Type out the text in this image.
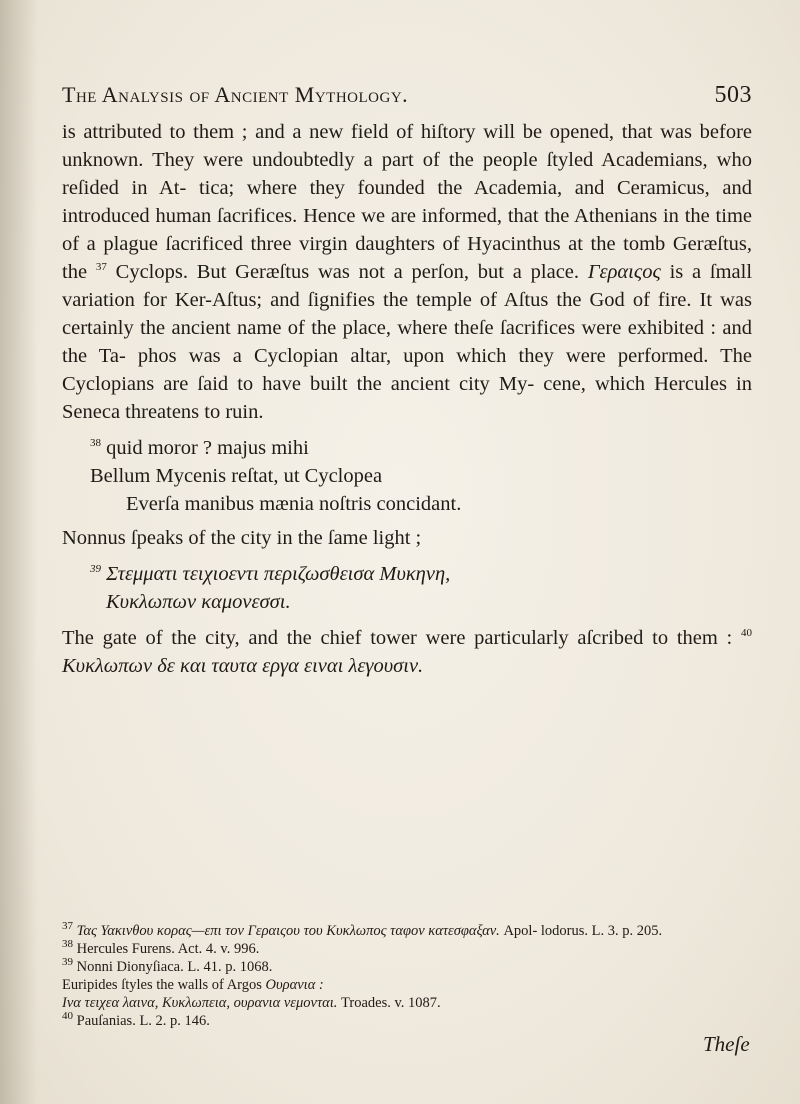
The Analysis of Ancient Mythology.	503

is attributed to them ; and a new field of hiſtory will be opened, that was before unknown. They were undoubtedly a part of the people ſtyled Academians, who reſided in At- tica; where they founded the Academia, and Ceramicus, and introduced human ſacrifices. Hence we are informed, that the Athenians in the time of a plague ſacrificed three virgin daughters of Hyacinthus at the tomb Geræſtus, the $^{37}$ Cyclops. But Geræſtus was not a perſon, but a place. Γεραιςος is a ſmall variation for Ker-Aſtus; and ſignifies the temple of Aſtus the God of fire. It was certainly the ancient name of the place, where theſe ſacrifices were exhibited : and the Ta- phos was a Cyclopian altar, upon which they were performed. The Cyclopians are ſaid to have built the ancient city My- cene, which Hercules in Seneca threatens to ruin.

$^{38}$ quid moror ? majus mihi
Bellum Mycenis reſtat, ut Cyclopea
Everſa manibus mænia noſtris concidant.

Nonnus ſpeaks of the city in the ſame light ;

$^{39}$ Στεμματι τειχιοεντι περιζωσθεισα Μυκηνη,
Κυκλωπων καμονεσσι.

The gate of the city, and the chief tower were particularly aſcribed to them : $^{40}$ Κυκλωπων δε και ταυτα εργα ειναι λεγουσιν.

$^{37}$ Τας Υακινθου κορας—επι τον Γεραιςου του Κυκλωπος ταφον κατεσφαξαν. Apol- lodorus. L. 3. p. 205.
$^{38}$ Hercules Furens. Act. 4. v. 996.
$^{39}$ Nonni Dionyſiaca. L. 41. p. 1068.
Euripides ſtyles the walls of Argos Ουρανια :
Ινα τειχεα λαινα, Κυκλωπεια, ουρανια νεμονται. Troades. v. 1087.
$^{40}$ Pauſanias. L. 2. p. 146.
Theſe
